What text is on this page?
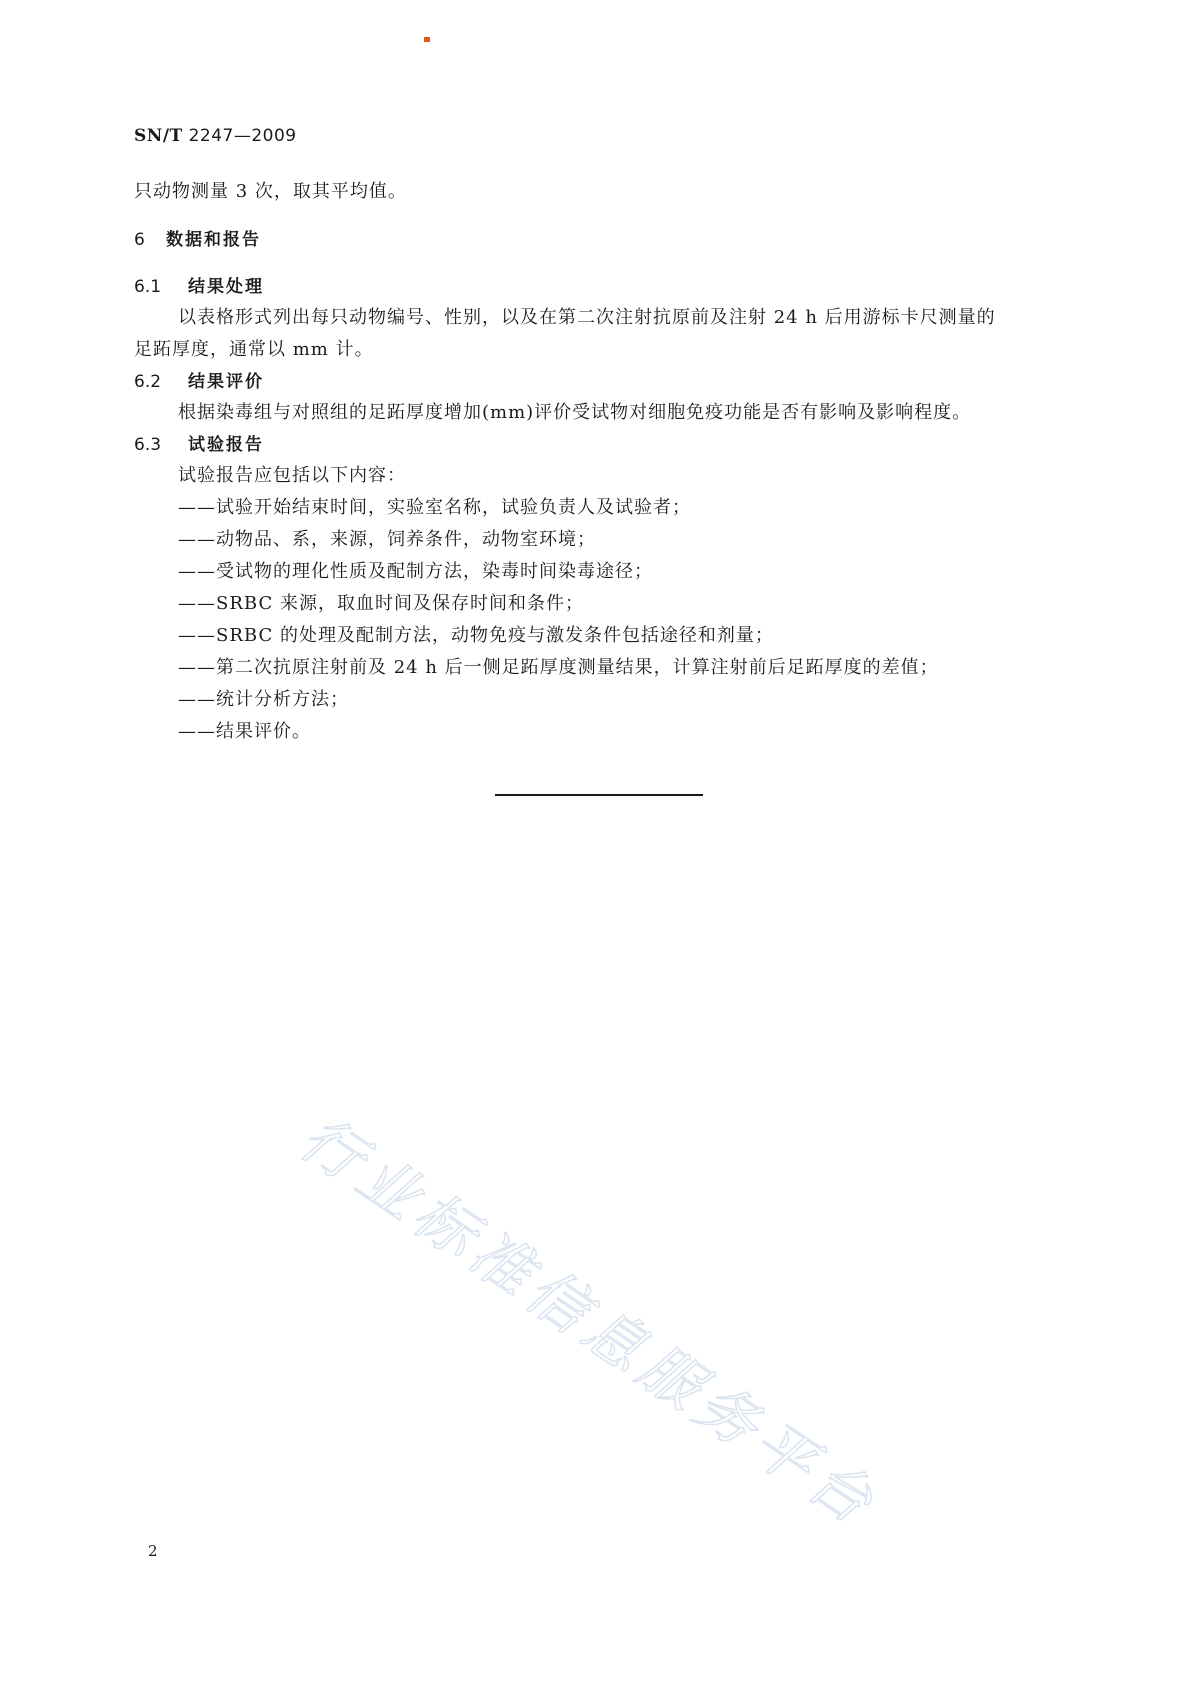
SN/T 2247—2009
只动物测量 3 次，取其平均值。
6 数据和报告
6.1 结果处理
以表格形式列出每只动物编号、性别，以及在第二次注射抗原前及注射 24 h 后用游标卡尺测量的
足跖厚度，通常以 mm 计。
6.2 结果评价
根据染毒组与对照组的足跖厚度增加(mm)评价受试物对细胞免疫功能是否有影响及影响程度。
6.3 试验报告
试验报告应包括以下内容：
——试验开始结束时间，实验室名称，试验负责人及试验者；
——动物品、系，来源，饲养条件，动物室环境；
——受试物的理化性质及配制方法，染毒时间染毒途径；
——SRBC 来源，取血时间及保存时间和条件；
——SRBC 的处理及配制方法，动物免疫与激发条件包括途径和剂量；
——第二次抗原注射前及 24 h 后一侧足跖厚度测量结果，计算注射前后足跖厚度的差值；
——统计分析方法；
——结果评价。
行业标准信息服务平台
2
